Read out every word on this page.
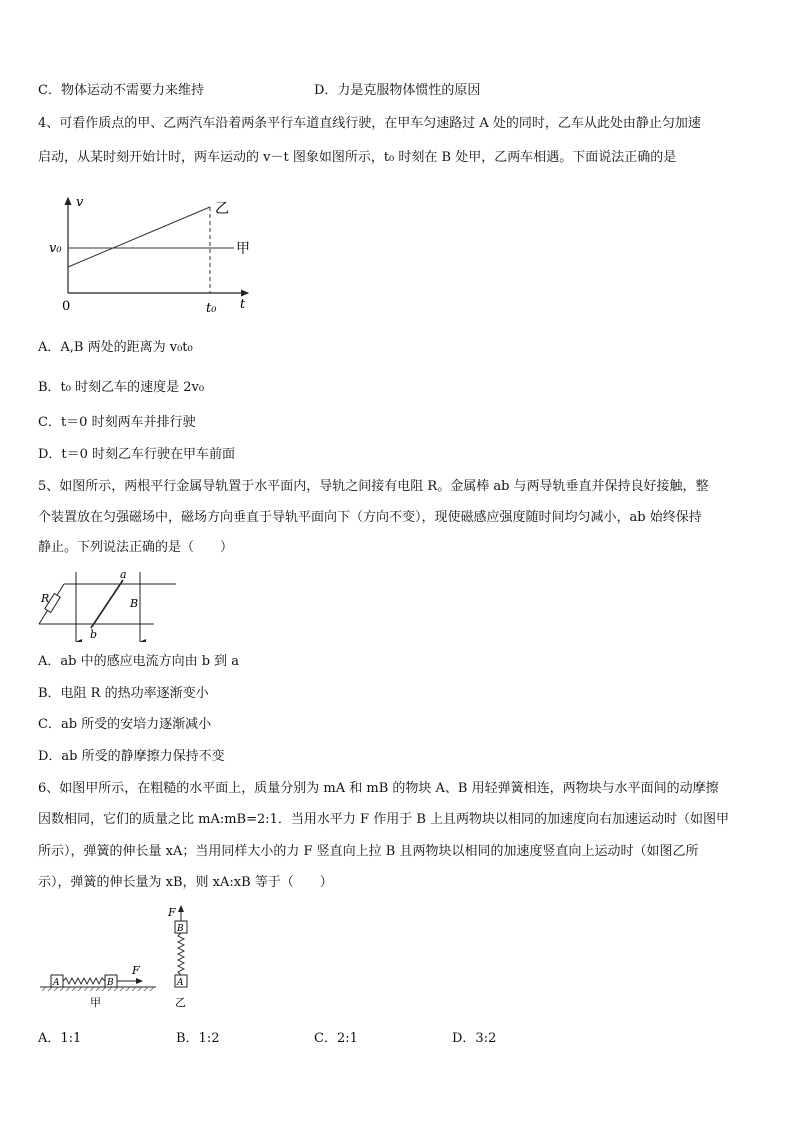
C．物体运动不需要力来维持	D．力是克服物体惯性的原因
4、可看作质点的甲、乙两汽车沿着两条平行车道直线行驶，在甲车匀速路过 A 处的同时，乙车从此处由静止匀加速
启动，从某时刻开始计时，两车运动的 v－t 图象如图所示，t₀ 时刻在 B 处甲，乙两车相遇。下面说法正确的是
v
t
0
v₀
t₀
甲
乙
A．A,B 两处的距离为 v₀t₀
B．t₀ 时刻乙车的速度是 2v₀
C．t＝0 时刻两车并排行驶
D．t＝0 时刻乙车行驶在甲车前面
5、如图所示，两根平行金属导轨置于水平面内，导轨之间接有电阻 R。金属棒 ab 与两导轨垂直并保持良好接触，整
个装置放在匀强磁场中，磁场方向垂直于导轨平面向下（方向不变），现使磁感应强度随时间均匀减小，ab 始终保持
静止。下列说法正确的是（　　）
R
a
b
B
A．ab 中的感应电流方向由 b 到 a
B．电阻 R 的热功率逐渐变小
C．ab 所受的安培力逐渐减小
D．ab 所受的静摩擦力保持不变
6、如图甲所示，在粗糙的水平面上，质量分别为 mA 和 mB 的物块 A、B 用轻弹簧相连，两物块与水平面间的动摩擦
因数相同，它们的质量之比 mA:mB=2:1．当用水平力 F 作用于 B 上且两物块以相同的加速度向右加速运动时（如图甲
所示），弹簧的伸长量 xA；当用同样大小的力 F 竖直向上拉 B 且两物块以相同的加速度竖直向上运动时（如图乙所
示），弹簧的伸长量为 xB，则 xA:xB 等于（　　）
A	B
F
甲
F
B
A
乙
A．1:1	B．1:2	C．2:1	D．3:2
